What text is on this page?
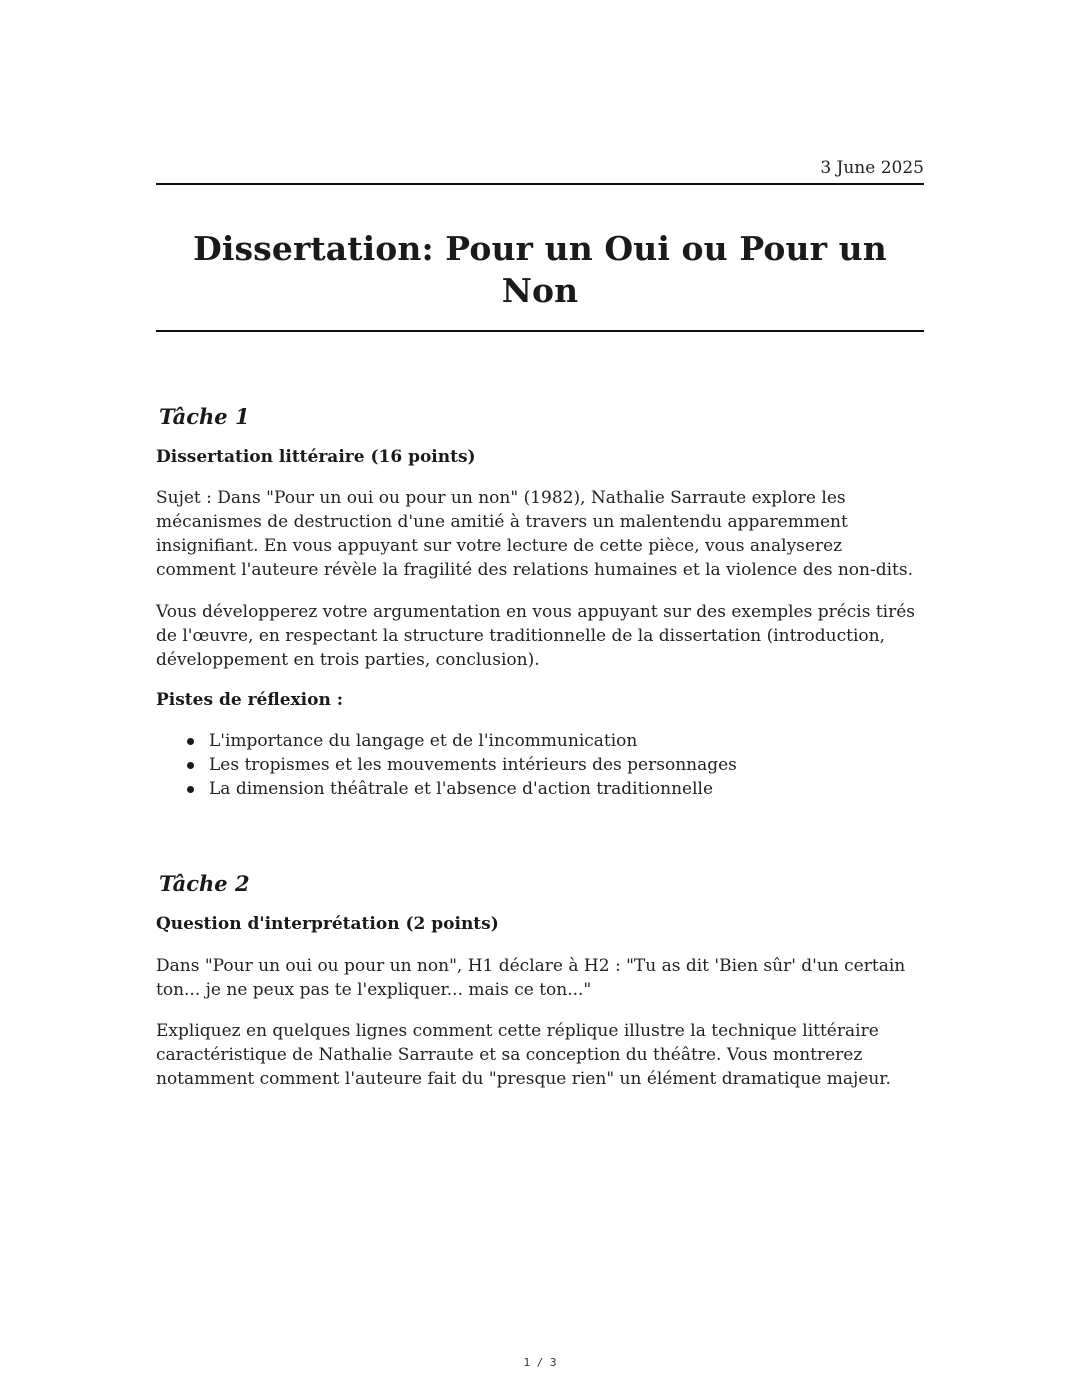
3 June 2025
Dissertation: Pour un Oui ou Pour un Non
Tâche 1
Dissertation littéraire (16 points)

Sujet : Dans "Pour un oui ou pour un non" (1982), Nathalie Sarraute explore les mécanismes de destruction d'une amitié à travers un malentendu apparemment insignifiant. En vous appuyant sur votre lecture de cette pièce, vous analyserez comment l'auteure révèle la fragilité des relations humaines et la violence des non-dits.

Vous développerez votre argumentation en vous appuyant sur des exemples précis tirés de l'œuvre, en respectant la structure traditionnelle de la dissertation (introduction, développement en trois parties, conclusion).

Pistes de réflexion :
L'importance du langage et de l'incommunication
Les tropismes et les mouvements intérieurs des personnages
La dimension théâtrale et l'absence d'action traditionnelle
Tâche 2
Question d'interprétation (2 points)

Dans "Pour un oui ou pour un non", H1 déclare à H2 : "Tu as dit 'Bien sûr' d'un certain ton... je ne peux pas te l'expliquer... mais ce ton..."

Expliquez en quelques lignes comment cette réplique illustre la technique littéraire caractéristique de Nathalie Sarraute et sa conception du théâtre. Vous montrerez notamment comment l'auteure fait du "presque rien" un élément dramatique majeur.

1 / 3
